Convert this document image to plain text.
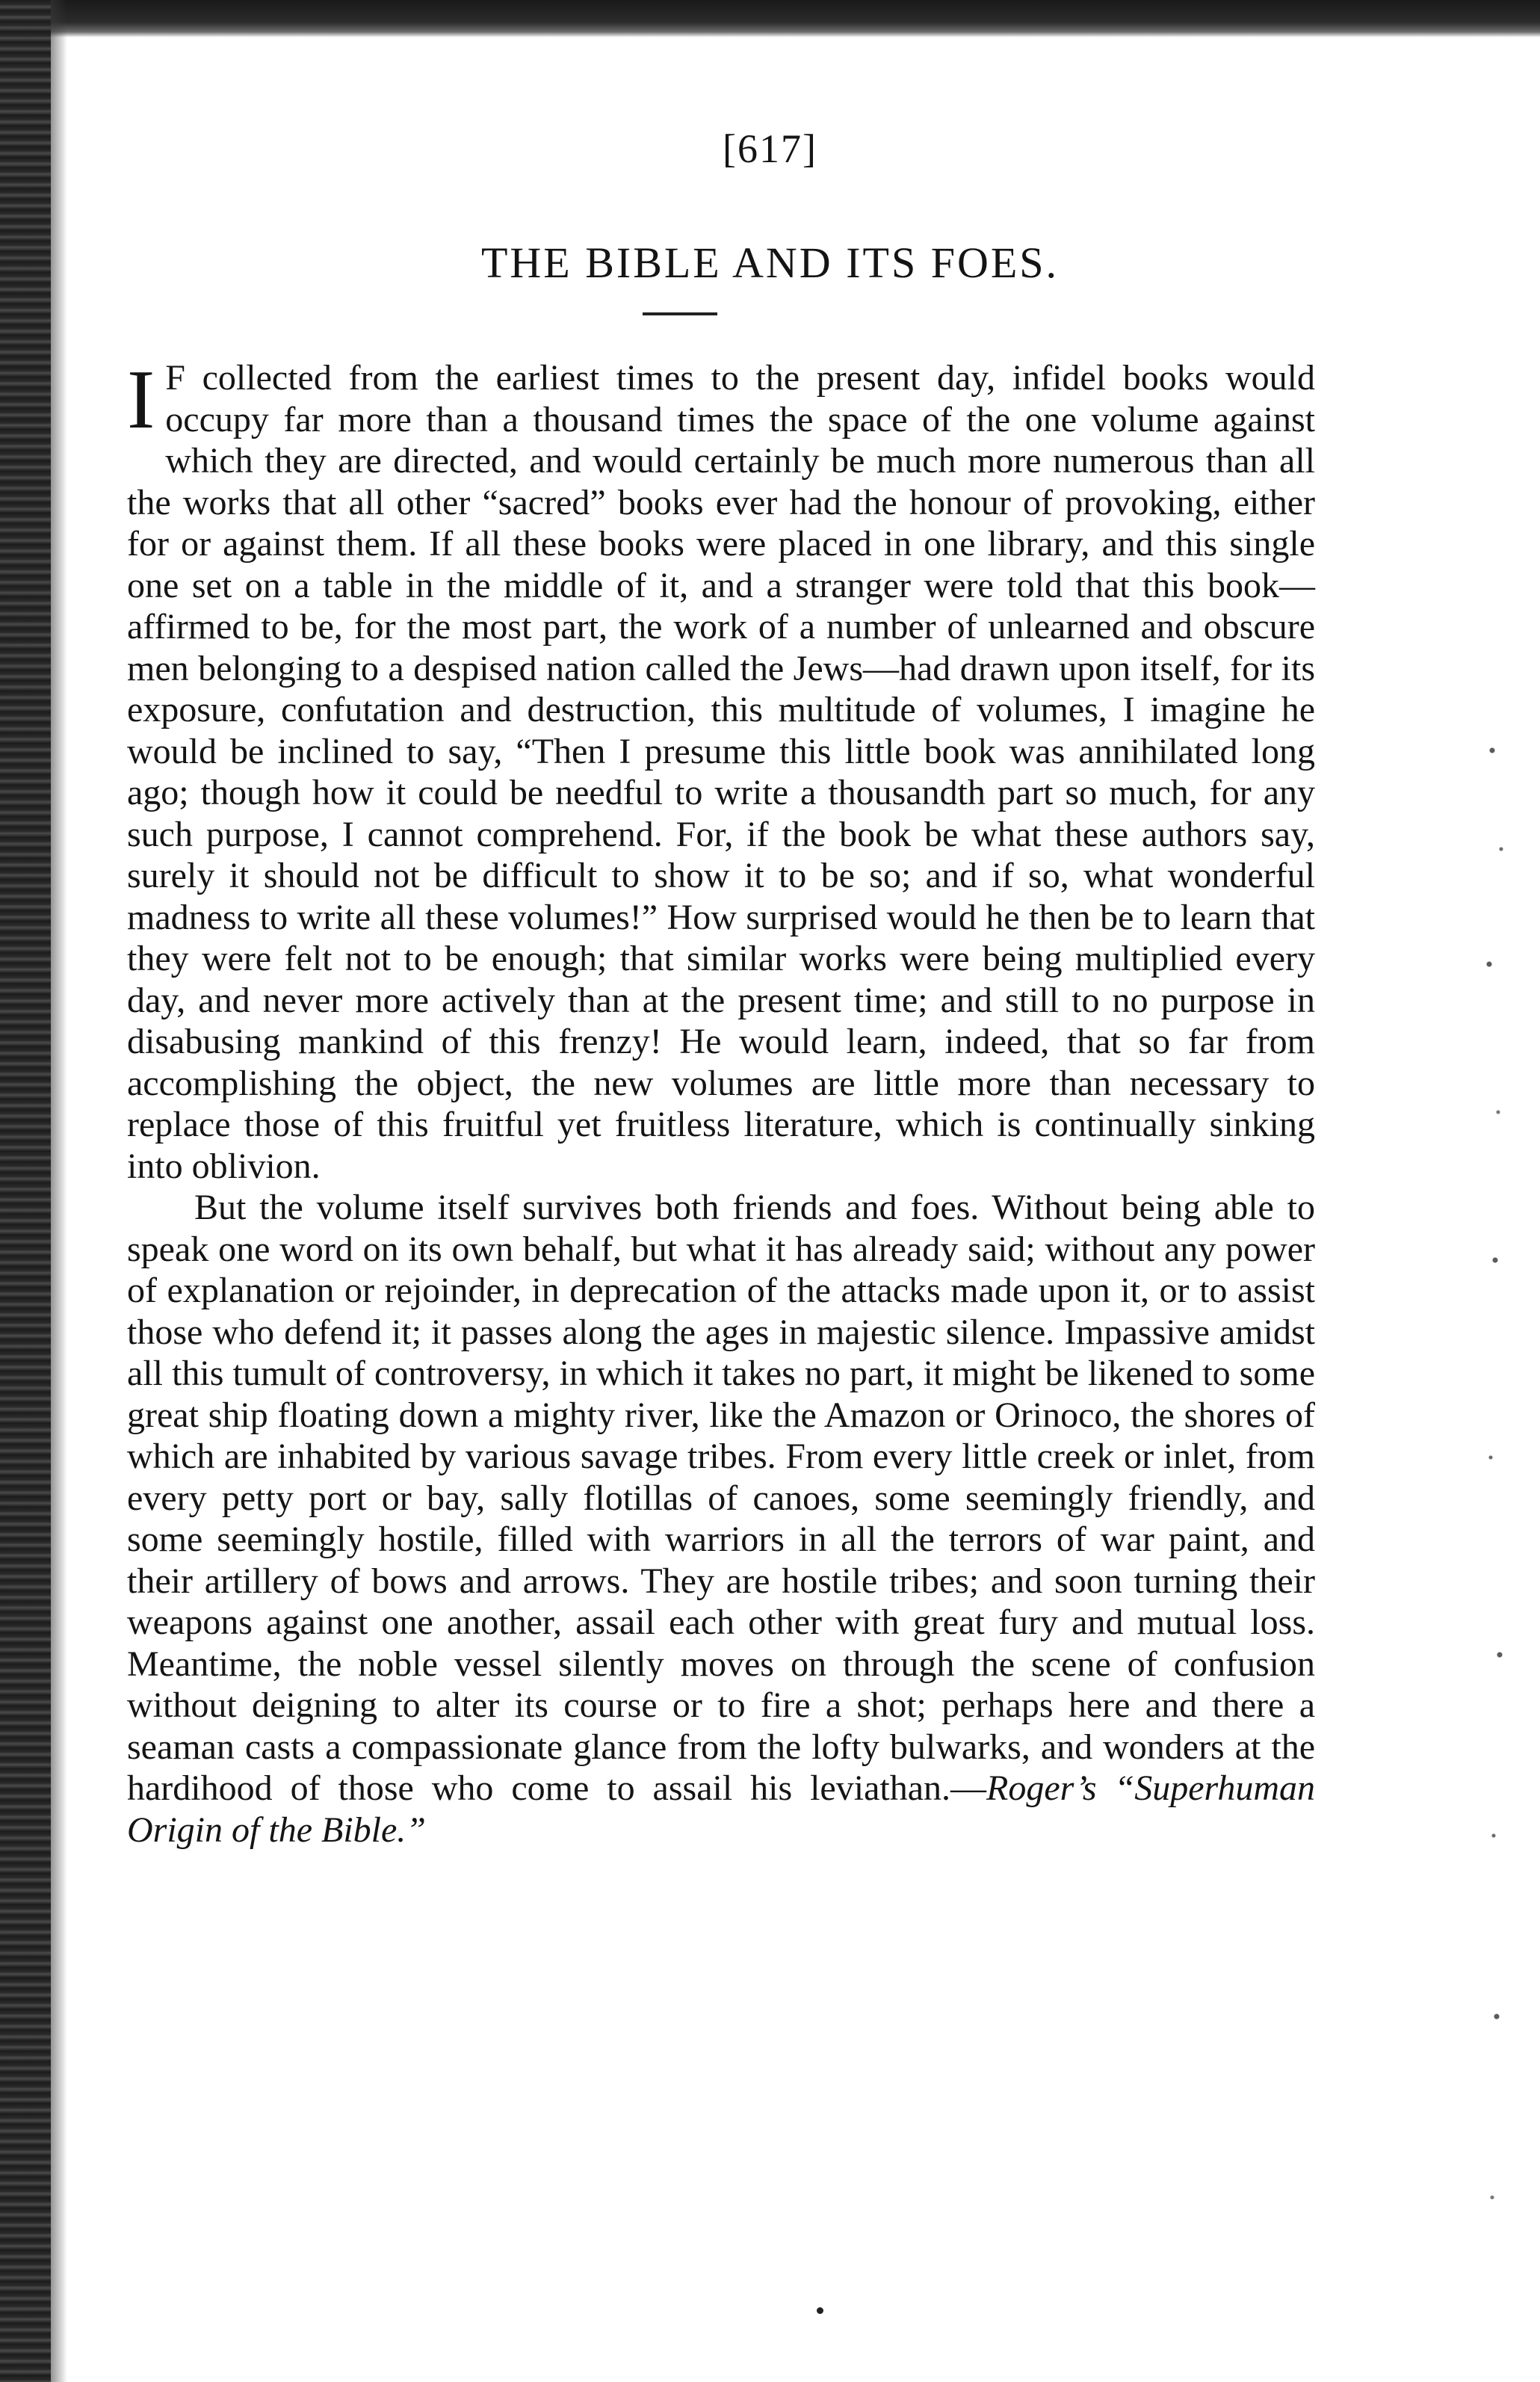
[617]
THE BIBLE AND ITS FOES.

I F collected from the earliest times to the present day, infidel books would occupy far more than a thousand times the space of the one volume against which they are directed, and would certainly be much more numerous than all the works that all other “sacred” books ever had the honour of provoking, either for or against them. If all these books were placed in one library, and this single one set on a table in the middle of it, and a stranger were told that this book—affirmed to be, for the most part, the work of a number of unlearned and obscure men belonging to a despised nation called the Jews—had drawn upon itself, for its exposure, confutation and destruction, this multitude of volumes, I imagine he would be inclined to say, “Then I presume this little book was annihilated long ago; though how it could be needful to write a thousandth part so much, for any such purpose, I cannot comprehend. For, if the book be what these authors say, surely it should not be difficult to show it to be so; and if so, what wonderful madness to write all these volumes!” How surprised would he then be to learn that they were felt not to be enough; that similar works were being multiplied every day, and never more actively than at the present time; and still to no purpose in disabusing mankind of this frenzy! He would learn, indeed, that so far from accomplishing the object, the new volumes are little more than necessary to replace those of this fruitful yet fruitless literature, which is continually sinking into oblivion.

But the volume itself survives both friends and foes. Without being able to speak one word on its own behalf, but what it has already said; without any power of explanation or rejoinder, in deprecation of the attacks made upon it, or to assist those who defend it; it passes along the ages in majestic silence. Impassive amidst all this tumult of controversy, in which it takes no part, it might be likened to some great ship floating down a mighty river, like the Amazon or Orinoco, the shores of which are inhabited by various savage tribes. From every little creek or inlet, from every petty port or bay, sally flotillas of canoes, some seemingly friendly, and some seemingly hostile, filled with warriors in all the terrors of war paint, and their artillery of bows and arrows. They are hostile tribes; and soon turning their weapons against one another, assail each other with great fury and mutual loss. Meantime, the noble vessel silently moves on through the scene of confusion without deigning to alter its course or to fire a shot; perhaps here and there a seaman casts a compassionate glance from the lofty bulwarks, and wonders at the hardihood of those who come to assail his leviathan.—Roger’s “Superhuman Origin of the Bible.”
